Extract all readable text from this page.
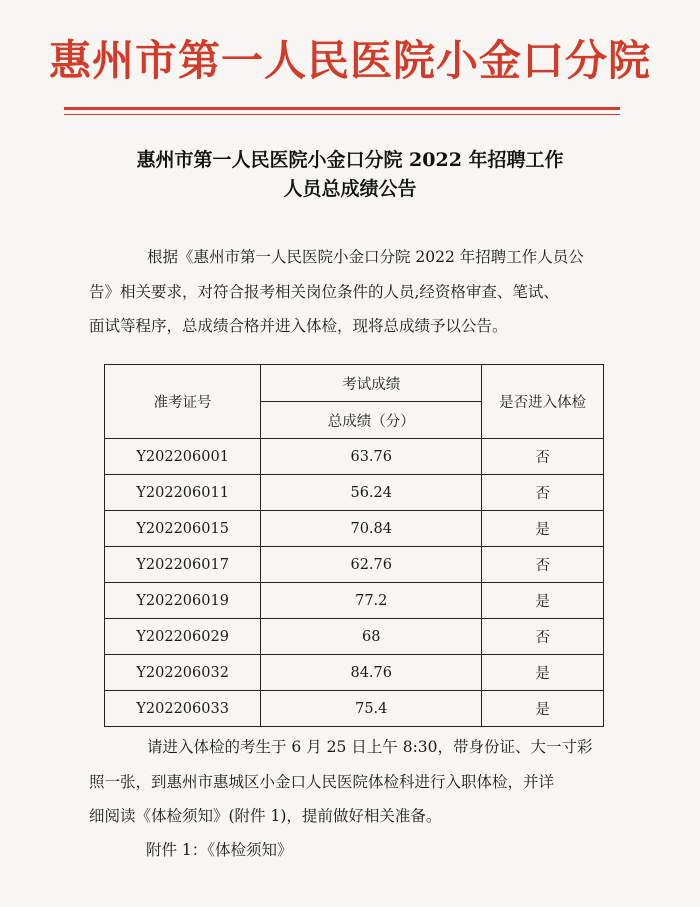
惠州市第一人民医院小金口分院
惠州市第一人民医院小金口分院 2022 年招聘工作
人员总成绩公告
根据《惠州市第一人民医院小金口分院 2022 年招聘工作人员公
告》相关要求，对符合报考相关岗位条件的人员,经资格审查、笔试、
面试等程序，总成绩合格并进入体检，现将总成绩予以公告。
准考证号	考试成绩	是否进入体检
	总成绩（分）	
Y202206001	63.76	否
Y202206011	56.24	否
Y202206015	70.84	是
Y202206017	62.76	否
Y202206019	77.2	是
Y202206029	68	否
Y202206032	84.76	是
Y202206033	75.4	是
请进入体检的考生于 6 月 25 日上午 8:30，带身份证、大一寸彩
照一张，到惠州市惠城区小金口人民医院体检科进行入职体检，并详
细阅读《体检须知》(附件 1)，提前做好相关准备。
附件 1：《体检须知》
